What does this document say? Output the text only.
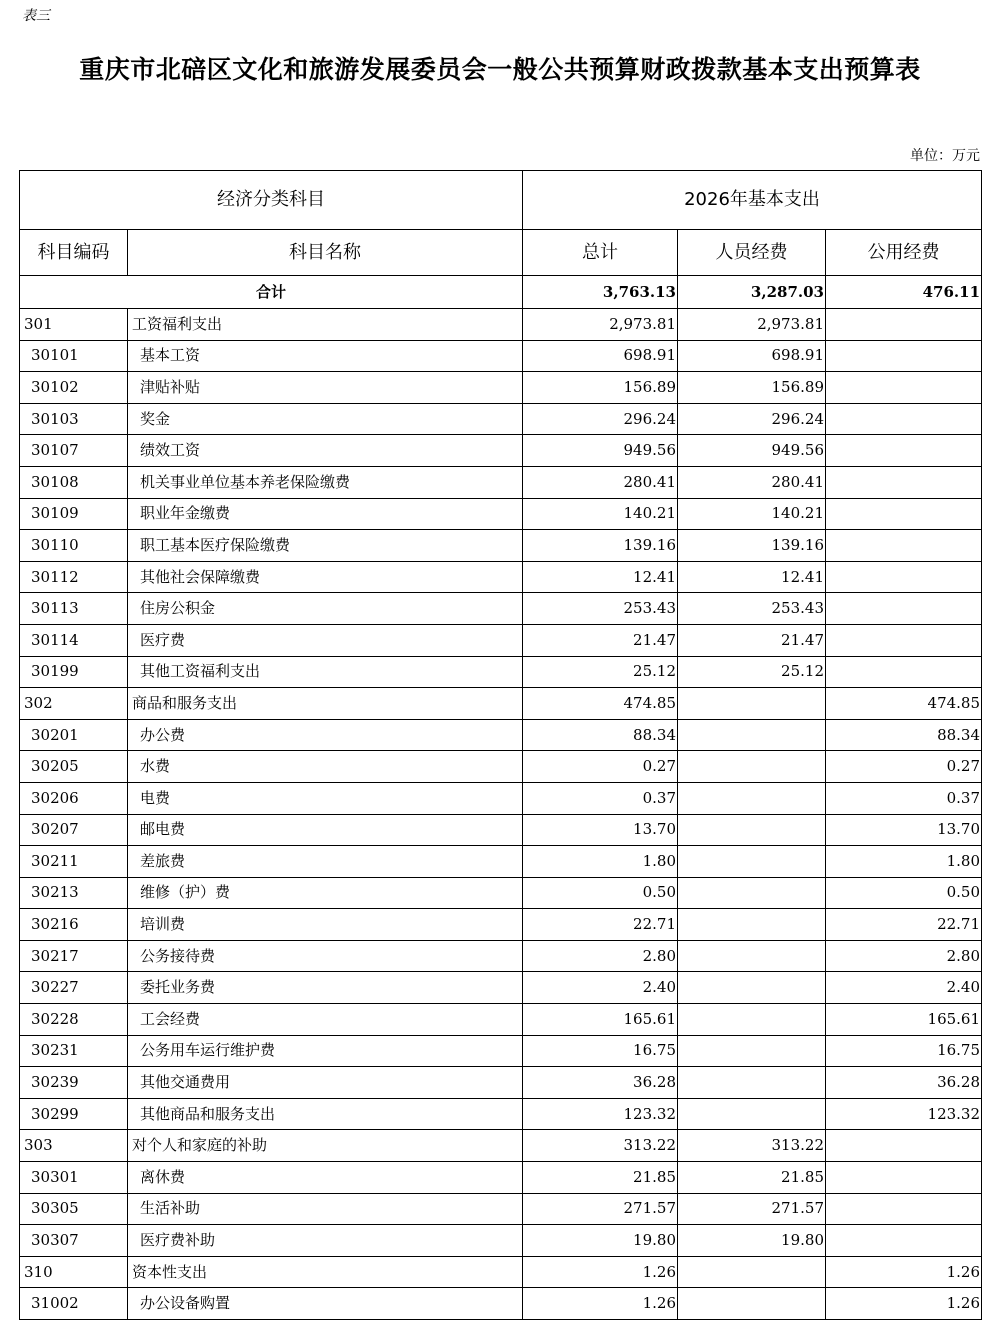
表三
重庆市北碚区文化和旅游发展委员会一般公共预算财政拨款基本支出预算表
单位：万元
经济分类科目		2026年基本支出		
科目编码	科目名称	总计	人员经费	公用经费
合计		3,763.13	3,287.03	476.11
301	工资福利支出	2,973.81	2,973.81	
30101	基本工资	698.91	698.91	
30102	津贴补贴	156.89	156.89	
30103	奖金	296.24	296.24	
30107	绩效工资	949.56	949.56	
30108	机关事业单位基本养老保险缴费	280.41	280.41	
30109	职业年金缴费	140.21	140.21	
30110	职工基本医疗保险缴费	139.16	139.16	
30112	其他社会保障缴费	12.41	12.41	
30113	住房公积金	253.43	253.43	
30114	医疗费	21.47	21.47	
30199	其他工资福利支出	25.12	25.12	
302	商品和服务支出	474.85		474.85
30201	办公费	88.34		88.34
30205	水费	0.27		0.27
30206	电费	0.37		0.37
30207	邮电费	13.70		13.70
30211	差旅费	1.80		1.80
30213	维修（护）费	0.50		0.50
30216	培训费	22.71		22.71
30217	公务接待费	2.80		2.80
30227	委托业务费	2.40		2.40
30228	工会经费	165.61		165.61
30231	公务用车运行维护费	16.75		16.75
30239	其他交通费用	36.28		36.28
30299	其他商品和服务支出	123.32		123.32
303	对个人和家庭的补助	313.22	313.22	
30301	离休费	21.85	21.85	
30305	生活补助	271.57	271.57	
30307	医疗费补助	19.80	19.80	
310	资本性支出	1.26		1.26
31002	办公设备购置	1.26		1.26
